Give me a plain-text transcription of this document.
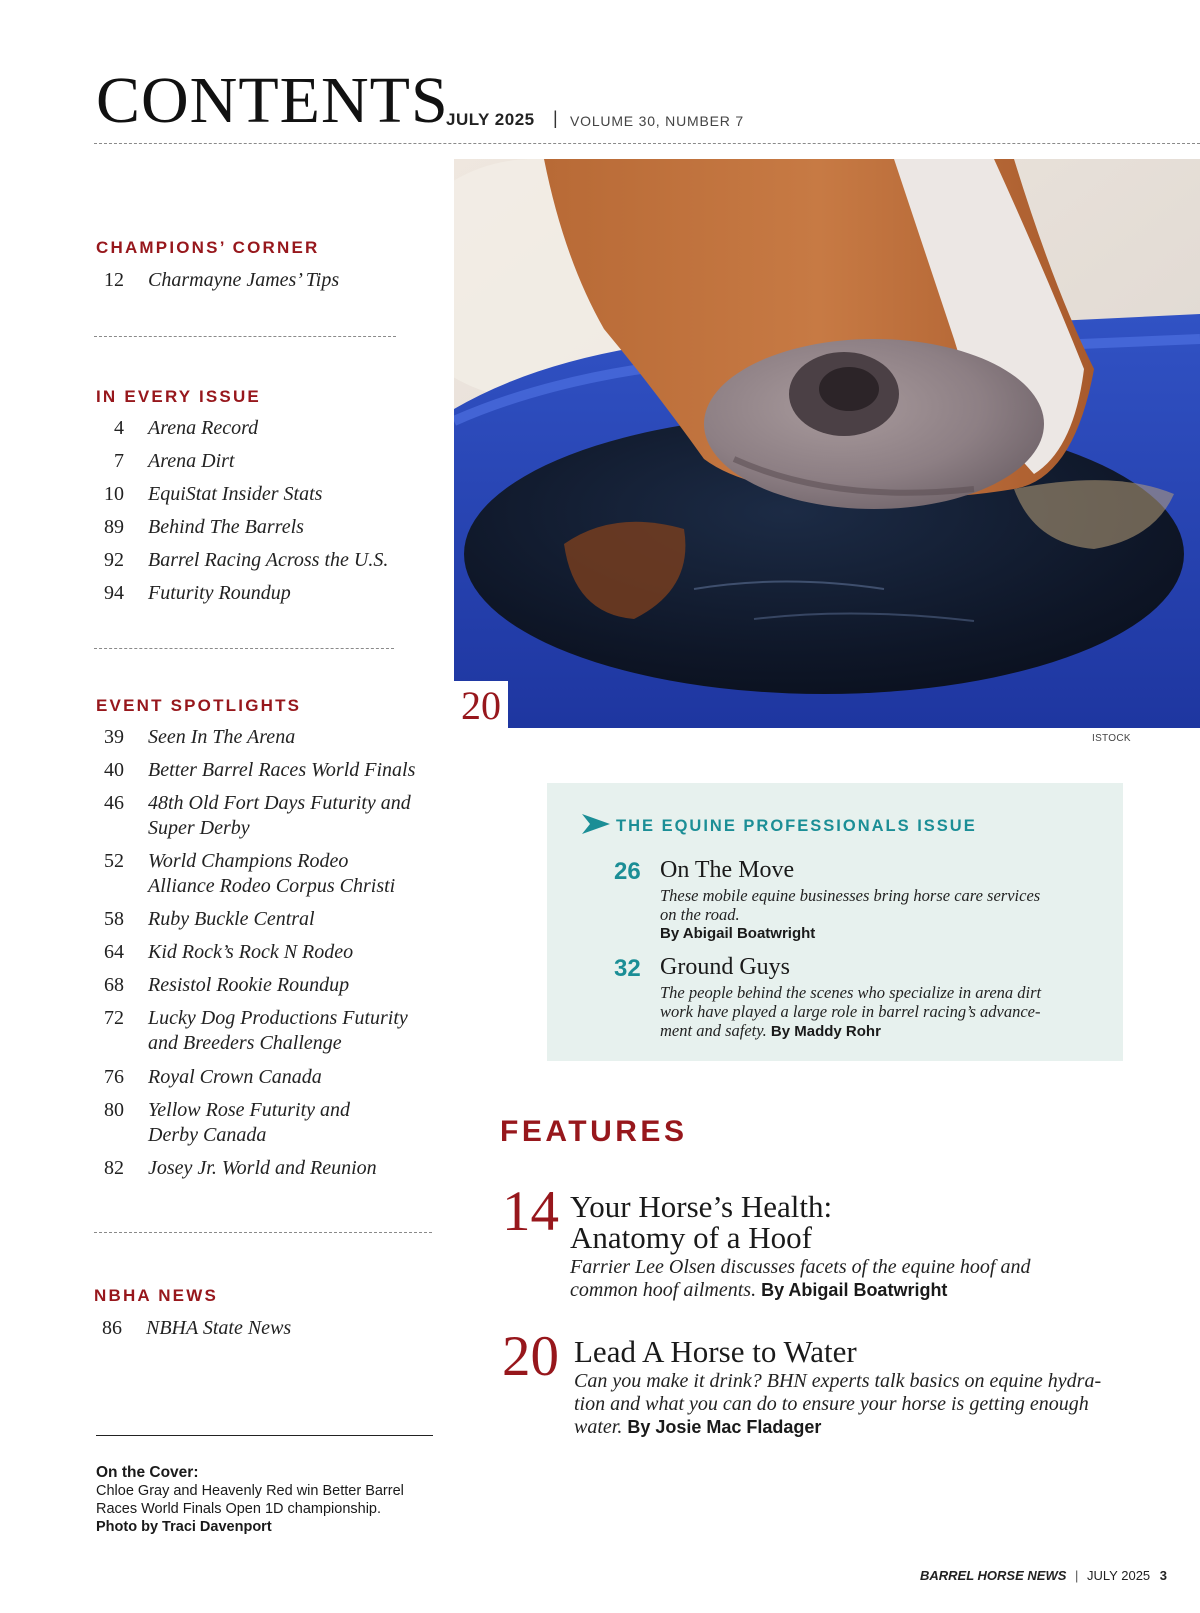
CONTENTS
JULY 2025 | VOLUME 30, NUMBER 7
CHAMPIONS’ CORNER
12 Charmayne James’ Tips
IN EVERY ISSUE
4 Arena Record
7 Arena Dirt
10 EquiStat Insider Stats
89 Behind The Barrels
92 Barrel Racing Across the U.S.
94 Futurity Roundup
EVENT SPOTLIGHTS
39 Seen In The Arena
40 Better Barrel Races World Finals
46 48th Old Fort Days Futurity and
Super Derby
52 World Champions Rodeo
Alliance Rodeo Corpus Christi
58 Ruby Buckle Central
64 Kid Rock’s Rock N Rodeo
68 Resistol Rookie Roundup
72 Lucky Dog Productions Futurity
and Breeders Challenge
76 Royal Crown Canada
80 Yellow Rose Futurity and
Derby Canada
82 Josey Jr. World and Reunion
NBHA NEWS
86 NBHA State News
20
ISTOCK
THE EQUINE PROFESSIONALS ISSUE
26 On The Move
These mobile equine businesses bring horse care services
on the road.
By Abigail Boatwright
32 Ground Guys
The people behind the scenes who specialize in arena dirt
work have played a large role in barrel racing’s advance-
ment and safety. By Maddy Rohr
FEATURES
14 Your Horse’s Health:
Anatomy of a Hoof
Farrier Lee Olsen discusses facets of the equine hoof and
common hoof ailments. By Abigail Boatwright
20 Lead A Horse to Water
Can you make it drink? BHN experts talk basics on equine hydra-
tion and what you can do to ensure your horse is getting enough
water. By Josie Mac Fladager
On the Cover:
Chloe Gray and Heavenly Red win Better Barrel
Races World Finals Open 1D championship.
Photo by Traci Davenport
BARREL HORSE NEWS | JULY 2025 3
